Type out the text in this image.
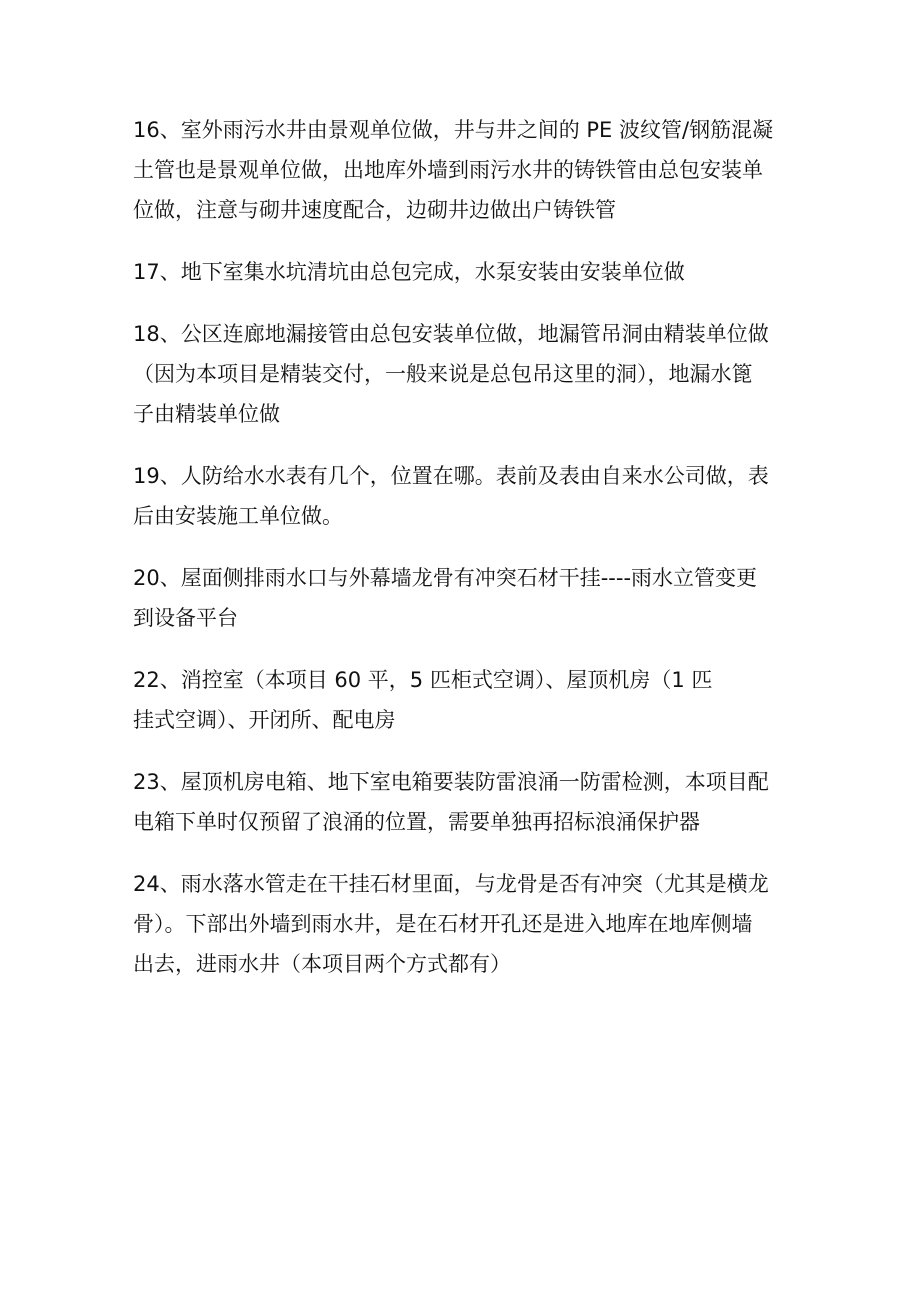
16、室外雨污水井由景观单位做，井与井之间的 PE 波纹管/钢筋混凝
土管也是景观单位做，出地库外墙到雨污水井的铸铁管由总包安装单
位做，注意与砌井速度配合，边砌井边做出户铸铁管
17、地下室集水坑清坑由总包完成，水泵安装由安装单位做
18、公区连廊地漏接管由总包安装单位做，地漏管吊洞由精装单位做
（因为本项目是精装交付，一般来说是总包吊这里的洞），地漏水篦
子由精装单位做
19、人防给水水表有几个，位置在哪。表前及表由自来水公司做，表
后由安装施工单位做。
20、屋面侧排雨水口与外幕墙龙骨有冲突石材干挂----雨水立管变更
到设备平台
22、消控室（本项目 60 平，5 匹柜式空调）、屋顶机房（1 匹
挂式空调）、开闭所、配电房
23、屋顶机房电箱、地下室电箱要装防雷浪涌一防雷检测，本项目配
电箱下单时仅预留了浪涌的位置，需要单独再招标浪涌保护器
24、雨水落水管走在干挂石材里面，与龙骨是否有冲突（尤其是横龙
骨）。下部出外墙到雨水井，是在石材开孔还是进入地库在地库侧墙
出去，进雨水井（本项目两个方式都有）
